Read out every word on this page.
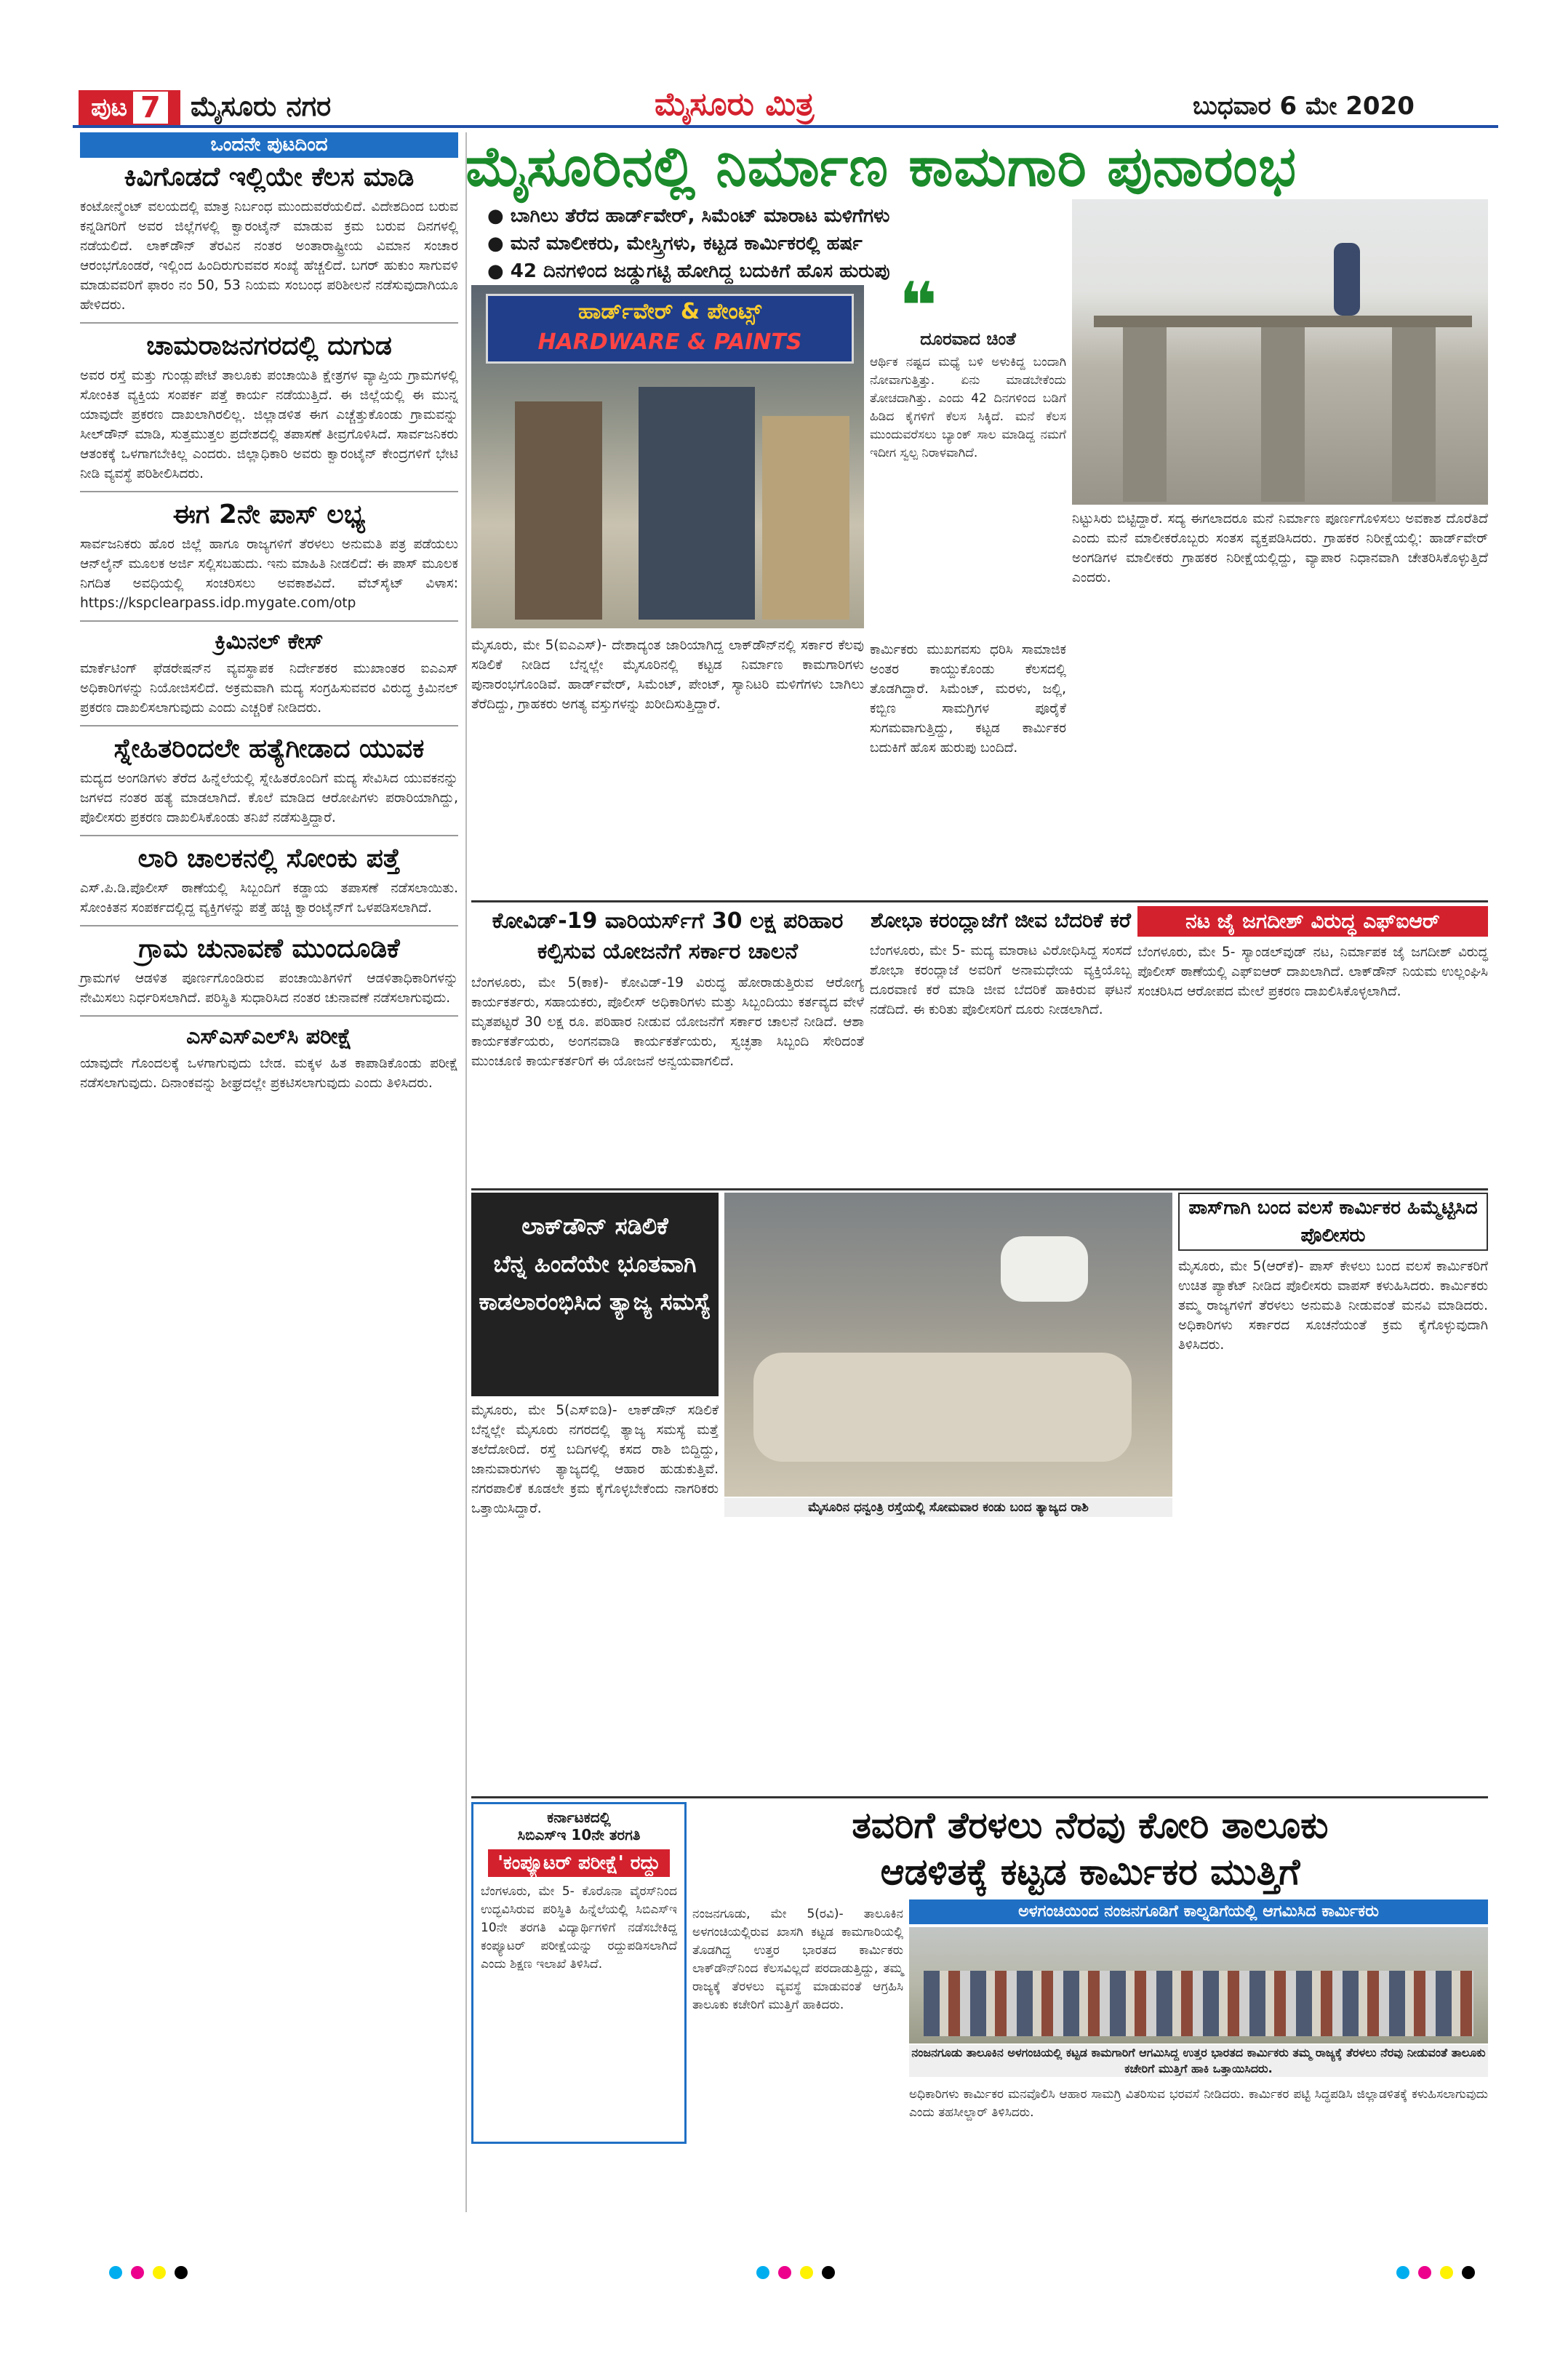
ಪುಟ 7 ಮೈಸೂರು ನಗರ	ಮೈಸೂರು ಮಿತ್ರ	ಬುಧವಾರ 6 ಮೇ 2020
ಒಂದನೇ ಪುಟದಿಂದ
ಕಿವಿಗೊಡದೆ ಇಲ್ಲಿಯೇ ಕೆಲಸ ಮಾಡಿ
ಕಂಟೋನ್ಮೆಂಟ್ ವಲಯದಲ್ಲಿ ಮಾತ್ರ ನಿರ್ಬಂಧ ಮುಂದುವರೆಯಲಿದೆ. ವಿದೇಶದಿಂದ ಬರುವ ಕನ್ನಡಿಗರಿಗೆ ಅವರ ಜಿಲ್ಲೆಗಳಲ್ಲಿ ಕ್ವಾರಂಟೈನ್ ಮಾಡುವ ಕ್ರಮ ಬರುವ ದಿನಗಳಲ್ಲಿ ನಡೆಯಲಿದೆ. ಲಾಕ್‌ಡೌನ್ ತೆರವಿನ ನಂತರ ಅಂತಾರಾಷ್ಟ್ರೀಯ ವಿಮಾನ ಸಂಚಾರ ಆರಂಭಗೊಂಡರೆ, ಇಲ್ಲಿಂದ ಹಿಂದಿರುಗುವವರ ಸಂಖ್ಯೆ ಹೆಚ್ಚಲಿದೆ. ಬಗರ್ ಹುಕುಂ ಸಾಗುವಳಿ ಮಾಡುವವರಿಗೆ ಫಾರಂ ನಂ 50, 53 ನಿಯಮ ಸಂಬಂಧ ಪರಿಶೀಲನೆ ನಡೆಸುವುದಾಗಿಯೂ ಹೇಳಿದರು.
ಚಾಮರಾಜನಗರದಲ್ಲಿ ದುಗುಡ
ಅವರ ರಸ್ತೆ ಮತ್ತು ಗುಂಡ್ಲುಪೇಟೆ ತಾಲೂಕು ಪಂಚಾಯಿತಿ ಕ್ಷೇತ್ರಗಳ ವ್ಯಾಪ್ತಿಯ ಗ್ರಾಮಗಳಲ್ಲಿ ಸೋಂಕಿತ ವ್ಯಕ್ತಿಯ ಸಂಪರ್ಕ ಪತ್ತೆ ಕಾರ್ಯ ನಡೆಯುತ್ತಿದೆ. ಈ ಜಿಲ್ಲೆಯಲ್ಲಿ ಈ ಮುನ್ನ ಯಾವುದೇ ಪ್ರಕರಣ ದಾಖಲಾಗಿರಲಿಲ್ಲ. ಜಿಲ್ಲಾಡಳಿತ ಈಗ ಎಚ್ಚೆತ್ತುಕೊಂಡು ಗ್ರಾಮವನ್ನು ಸೀಲ್‌ಡೌನ್ ಮಾಡಿ, ಸುತ್ತಮುತ್ತಲ ಪ್ರದೇಶದಲ್ಲಿ ತಪಾಸಣೆ ತೀವ್ರಗೊಳಿಸಿದೆ. ಸಾರ್ವಜನಿಕರು ಆತಂಕಕ್ಕೆ ಒಳಗಾಗಬೇಕಿಲ್ಲ ಎಂದರು. ಜಿಲ್ಲಾಧಿಕಾರಿ ಅವರು ಕ್ವಾರಂಟೈನ್ ಕೇಂದ್ರಗಳಿಗೆ ಭೇಟಿ ನೀಡಿ ವ್ಯವಸ್ಥೆ ಪರಿಶೀಲಿಸಿದರು.
ಈಗ 2ನೇ ಪಾಸ್ ಲಭ್ಯ
ಸಾರ್ವಜನಿಕರು ಹೊರ ಜಿಲ್ಲೆ ಹಾಗೂ ರಾಜ್ಯಗಳಿಗೆ ತೆರಳಲು ಅನುಮತಿ ಪತ್ರ ಪಡೆಯಲು ಆನ್‌ಲೈನ್ ಮೂಲಕ ಅರ್ಜಿ ಸಲ್ಲಿಸಬಹುದು. ಇನು ಮಾಹಿತಿ ನೀಡಲಿದೆ: ಈ ಪಾಸ್ ಮೂಲಕ ನಿಗದಿತ ಅವಧಿಯಲ್ಲಿ ಸಂಚರಿಸಲು ಅವಕಾಶವಿದೆ. ವೆಬ್‌ಸೈಟ್ ವಿಳಾಸ: https://kspclearpass.idp.mygate.com/otp
ಕ್ರಿಮಿನಲ್ ಕೇಸ್
ಮಾರ್ಕೆಟಿಂಗ್ ಫೆಡರೇಷನ್‌ನ ವ್ಯವಸ್ಥಾಪಕ ನಿರ್ದೇಶಕರ ಮುಖಾಂತರ ಐಎಎಸ್ ಅಧಿಕಾರಿಗಳನ್ನು ನಿಯೋಜಿಸಲಿದೆ. ಅಕ್ರಮವಾಗಿ ಮದ್ಯ ಸಂಗ್ರಹಿಸುವವರ ವಿರುದ್ಧ ಕ್ರಿಮಿನಲ್ ಪ್ರಕರಣ ದಾಖಲಿಸಲಾಗುವುದು ಎಂದು ಎಚ್ಚರಿಕೆ ನೀಡಿದರು.
ಸ್ನೇಹಿತರಿಂದಲೇ ಹತ್ಯೆಗೀಡಾದ ಯುವಕ
ಮದ್ಯದ ಅಂಗಡಿಗಳು ತೆರೆದ ಹಿನ್ನೆಲೆಯಲ್ಲಿ ಸ್ನೇಹಿತರೊಂದಿಗೆ ಮದ್ಯ ಸೇವಿಸಿದ ಯುವಕನನ್ನು ಜಗಳದ ನಂತರ ಹತ್ಯೆ ಮಾಡಲಾಗಿದೆ. ಕೊಲೆ ಮಾಡಿದ ಆರೋಪಿಗಳು ಪರಾರಿಯಾಗಿದ್ದು, ಪೊಲೀಸರು ಪ್ರಕರಣ ದಾಖಲಿಸಿಕೊಂಡು ತನಿಖೆ ನಡೆಸುತ್ತಿದ್ದಾರೆ.
ಲಾರಿ ಚಾಲಕನಲ್ಲಿ ಸೋಂಕು ಪತ್ತೆ
ಎಸ್.ಪಿ.ಡಿ.ಪೊಲೀಸ್ ಠಾಣೆಯಲ್ಲಿ ಸಿಬ್ಬಂದಿಗೆ ಕಡ್ಡಾಯ ತಪಾಸಣೆ ನಡೆಸಲಾಯಿತು. ಸೋಂಕಿತನ ಸಂಪರ್ಕದಲ್ಲಿದ್ದ ವ್ಯಕ್ತಿಗಳನ್ನು ಪತ್ತೆ ಹಚ್ಚಿ ಕ್ವಾರಂಟೈನ್‌ಗೆ ಒಳಪಡಿಸಲಾಗಿದೆ.
ಗ್ರಾಮ ಚುನಾವಣೆ ಮುಂದೂಡಿಕೆ
ಗ್ರಾಮಗಳ ಆಡಳಿತ ಪೂರ್ಣಗೊಂಡಿರುವ ಪಂಚಾಯಿತಿಗಳಿಗೆ ಆಡಳಿತಾಧಿಕಾರಿಗಳನ್ನು ನೇಮಿಸಲು ನಿರ್ಧರಿಸಲಾಗಿದೆ. ಪರಿಸ್ಥಿತಿ ಸುಧಾರಿಸಿದ ನಂತರ ಚುನಾವಣೆ ನಡೆಸಲಾಗುವುದು.
ಎಸ್‌ಎಸ್‌ಎಲ್‌ಸಿ ಪರೀಕ್ಷೆ
ಯಾವುದೇ ಗೊಂದಲಕ್ಕೆ ಒಳಗಾಗುವುದು ಬೇಡ. ಮಕ್ಕಳ ಹಿತ ಕಾಪಾಡಿಕೊಂಡು ಪರೀಕ್ಷೆ ನಡೆಸಲಾಗುವುದು. ದಿನಾಂಕವನ್ನು ಶೀಘ್ರದಲ್ಲೇ ಪ್ರಕಟಿಸಲಾಗುವುದು ಎಂದು ತಿಳಿಸಿದರು.
ಮೈಸೂರಿನಲ್ಲಿ ನಿರ್ಮಾಣ ಕಾಮಗಾರಿ ಪುನಾರಂಭ
● ಬಾಗಿಲು ತೆರೆದ ಹಾರ್ಡ್‌ವೇರ್, ಸಿಮೆಂಟ್ ಮಾರಾಟ ಮಳಿಗೆಗಳು
● ಮನೆ ಮಾಲೀಕರು, ಮೇಸ್ತ್ರಿಗಳು, ಕಟ್ಟಡ ಕಾರ್ಮಿಕರಲ್ಲಿ ಹರ್ಷ
● 42 ದಿನಗಳಿಂದ ಜಡ್ಡುಗಟ್ಟಿ ಹೋಗಿದ್ದ ಬದುಕಿಗೆ ಹೊಸ ಹುರುಪು
ಹಾರ್ಡ್‌ವೇರ್ & ಪೇಂಟ್ಸ್
HARDWARE & PAINTS	❝
ದೂರವಾದ ಚಿಂತೆ
ಆರ್ಥಿಕ ನಷ್ಟದ ಮಧ್ಯೆ ಬಳಿ ಅಳುಕಿದ್ದ ಬಂದಾಗಿ ನೋವಾಗುತ್ತಿತ್ತು. ಏನು ಮಾಡಬೇಕೆಂದು ತೋಚದಾಗಿತ್ತು. ಎಂದು 42 ದಿನಗಳಿಂದ ಬಡಿಗೆ ಹಿಡಿದ ಕೈಗಳಿಗೆ ಕೆಲಸ ಸಿಕ್ಕಿದೆ. ಮನೆ ಕೆಲಸ ಮುಂದುವರೆಸಲು ಬ್ಯಾಂಕ್ ಸಾಲ ಮಾಡಿದ್ದ ನಮಗೆ ಇದೀಗ ಸ್ವಲ್ಪ ನಿರಾಳವಾಗಿದೆ.
ಮೈಸೂರು, ಮೇ 5(ಐಎಎಸ್)- ದೇಶಾದ್ಯಂತ ಜಾರಿಯಾಗಿದ್ದ ಲಾಕ್‌ಡೌನ್‌ನಲ್ಲಿ ಸರ್ಕಾರ ಕೆಲವು ಸಡಿಲಿಕೆ ನೀಡಿದ ಬೆನ್ನಲ್ಲೇ ಮೈಸೂರಿನಲ್ಲಿ ಕಟ್ಟಡ ನಿರ್ಮಾಣ ಕಾಮಗಾರಿಗಳು ಪುನಾರಂಭಗೊಂಡಿವೆ. ಹಾರ್ಡ್‌ವೇರ್, ಸಿಮೆಂಟ್, ಪೇಂಟ್, ಸ್ಯಾನಿಟರಿ ಮಳಿಗೆಗಳು ಬಾಗಿಲು ತೆರೆದಿದ್ದು, ಗ್ರಾಹಕರು ಅಗತ್ಯ ವಸ್ತುಗಳನ್ನು ಖರೀದಿಸುತ್ತಿದ್ದಾರೆ.
ಕಾರ್ಮಿಕರು ಮುಖಗವಸು ಧರಿಸಿ ಸಾಮಾಜಿಕ ಅಂತರ ಕಾಯ್ದುಕೊಂಡು ಕೆಲಸದಲ್ಲಿ ತೊಡಗಿದ್ದಾರೆ. ಸಿಮೆಂಟ್, ಮರಳು, ಜಲ್ಲಿ, ಕಬ್ಬಿಣ ಸಾಮಗ್ರಿಗಳ ಪೂರೈಕೆ ಸುಗಮವಾಗುತ್ತಿದ್ದು, ಕಟ್ಟಡ ಕಾರ್ಮಿಕರ ಬದುಕಿಗೆ ಹೊಸ ಹುರುಪು ಬಂದಿದೆ.
ನಿಟ್ಟುಸಿರು ಬಿಟ್ಟಿದ್ದಾರೆ. ಸದ್ಯ ಈಗಲಾದರೂ ಮನೆ ನಿರ್ಮಾಣ ಪೂರ್ಣಗೊಳಿಸಲು ಅವಕಾಶ ದೊರೆತಿದೆ ಎಂದು ಮನೆ ಮಾಲೀಕರೊಬ್ಬರು ಸಂತಸ ವ್ಯಕ್ತಪಡಿಸಿದರು. ಗ್ರಾಹಕರ ನಿರೀಕ್ಷೆಯಲ್ಲಿ: ಹಾರ್ಡ್‌ವೇರ್ ಅಂಗಡಿಗಳ ಮಾಲೀಕರು ಗ್ರಾಹಕರ ನಿರೀಕ್ಷೆಯಲ್ಲಿದ್ದು, ವ್ಯಾಪಾರ ನಿಧಾನವಾಗಿ ಚೇತರಿಸಿಕೊಳ್ಳುತ್ತಿದೆ ಎಂದರು.
ಕೋವಿಡ್-19 ವಾರಿಯರ್ಸ್‌ಗೆ 30 ಲಕ್ಷ ಪರಿಹಾರ ಕಲ್ಪಿಸುವ ಯೋಜನೆಗೆ ಸರ್ಕಾರ ಚಾಲನೆ
ಬೆಂಗಳೂರು, ಮೇ 5(ಕಾಕ)- ಕೋವಿಡ್-19 ವಿರುದ್ಧ ಹೋರಾಡುತ್ತಿರುವ ಆರೋಗ್ಯ ಕಾರ್ಯಕರ್ತರು, ಸಹಾಯಕರು, ಪೊಲೀಸ್ ಅಧಿಕಾರಿಗಳು ಮತ್ತು ಸಿಬ್ಬಂದಿಯು ಕರ್ತವ್ಯದ ವೇಳೆ ಮೃತಪಟ್ಟರೆ 30 ಲಕ್ಷ ರೂ. ಪರಿಹಾರ ನೀಡುವ ಯೋಜನೆಗೆ ಸರ್ಕಾರ ಚಾಲನೆ ನೀಡಿದೆ. ಆಶಾ ಕಾರ್ಯಕರ್ತೆಯರು, ಅಂಗನವಾಡಿ ಕಾರ್ಯಕರ್ತೆಯರು, ಸ್ವಚ್ಛತಾ ಸಿಬ್ಬಂದಿ ಸೇರಿದಂತೆ ಮುಂಚೂಣಿ ಕಾರ್ಯಕರ್ತರಿಗೆ ಈ ಯೋಜನೆ ಅನ್ವಯವಾಗಲಿದೆ.
ಶೋಭಾ ಕರಂದ್ಲಾಜೆಗೆ ಜೀವ ಬೆದರಿಕೆ ಕರೆ
ಬೆಂಗಳೂರು, ಮೇ 5- ಮದ್ಯ ಮಾರಾಟ ವಿರೋಧಿಸಿದ್ದ ಸಂಸದೆ ಶೋಭಾ ಕರಂದ್ಲಾಜೆ ಅವರಿಗೆ ಅನಾಮಧೇಯ ವ್ಯಕ್ತಿಯೊಬ್ಬ ದೂರವಾಣಿ ಕರೆ ಮಾಡಿ ಜೀವ ಬೆದರಿಕೆ ಹಾಕಿರುವ ಘಟನೆ ನಡೆದಿದೆ. ಈ ಕುರಿತು ಪೊಲೀಸರಿಗೆ ದೂರು ನೀಡಲಾಗಿದೆ.
ನಟ ಜೈ ಜಗದೀಶ್ ವಿರುದ್ಧ ಎಫ್‌ಐಆರ್
ಬೆಂಗಳೂರು, ಮೇ 5- ಸ್ಯಾಂಡಲ್‌ವುಡ್ ನಟ, ನಿರ್ಮಾಪಕ ಜೈ ಜಗದೀಶ್ ವಿರುದ್ಧ ಪೊಲೀಸ್ ಠಾಣೆಯಲ್ಲಿ ಎಫ್‌ಐಆರ್ ದಾಖಲಾಗಿದೆ. ಲಾಕ್‌ಡೌನ್ ನಿಯಮ ಉಲ್ಲಂಘಿಸಿ ಸಂಚರಿಸಿದ ಆರೋಪದ ಮೇಲೆ ಪ್ರಕರಣ ದಾಖಲಿಸಿಕೊಳ್ಳಲಾಗಿದೆ.
ಲಾಕ್‌ಡೌನ್ ಸಡಿಲಿಕೆ
ಬೆನ್ನ ಹಿಂದೆಯೇ ಭೂತವಾಗಿ
ಕಾಡಲಾರಂಭಿಸಿದ ತ್ಯಾಜ್ಯ ಸಮಸ್ಯೆ
ಮೈಸೂರಿನ ಧನ್ವಂತ್ರಿ ರಸ್ತೆಯಲ್ಲಿ ಸೋಮವಾರ ಕಂಡು ಬಂದ ತ್ಯಾಜ್ಯದ ರಾಶಿ
ಮೈಸೂರು, ಮೇ 5(ಎಸ್‌ಐಡಿ)- ಲಾಕ್‌ಡೌನ್ ಸಡಿಲಿಕೆ ಬೆನ್ನಲ್ಲೇ ಮೈಸೂರು ನಗರದಲ್ಲಿ ತ್ಯಾಜ್ಯ ಸಮಸ್ಯೆ ಮತ್ತೆ ತಲೆದೋರಿದೆ. ರಸ್ತೆ ಬದಿಗಳಲ್ಲಿ ಕಸದ ರಾಶಿ ಬಿದ್ದಿದ್ದು, ಜಾನುವಾರುಗಳು ತ್ಯಾಜ್ಯದಲ್ಲಿ ಆಹಾರ ಹುಡುಕುತ್ತಿವೆ. ನಗರಪಾಲಿಕೆ ಕೂಡಲೇ ಕ್ರಮ ಕೈಗೊಳ್ಳಬೇಕೆಂದು ನಾಗರಿಕರು ಒತ್ತಾಯಿಸಿದ್ದಾರೆ.
ಪಾಸ್‌ಗಾಗಿ ಬಂದ ವಲಸೆ ಕಾರ್ಮಿಕರ ಹಿಮ್ಮೆಟ್ಟಿಸಿದ ಪೊಲೀಸರು
ಮೈಸೂರು, ಮೇ 5(ಆರ್‌ಕೆ)- ಪಾಸ್ ಕೇಳಲು ಬಂದ ವಲಸೆ ಕಾರ್ಮಿಕರಿಗೆ ಉಚಿತ ಪ್ಯಾಕೆಟ್ ನೀಡಿದ ಪೊಲೀಸರು ವಾಪಸ್ ಕಳುಹಿಸಿದರು. ಕಾರ್ಮಿಕರು ತಮ್ಮ ರಾಜ್ಯಗಳಿಗೆ ತೆರಳಲು ಅನುಮತಿ ನೀಡುವಂತೆ ಮನವಿ ಮಾಡಿದರು. ಅಧಿಕಾರಿಗಳು ಸರ್ಕಾರದ ಸೂಚನೆಯಂತೆ ಕ್ರಮ ಕೈಗೊಳ್ಳುವುದಾಗಿ ತಿಳಿಸಿದರು.
ಕರ್ನಾಟಕದಲ್ಲಿ
ಸಿಬಿಎಸ್‌ಇ 10ನೇ ತರಗತಿ
'ಕಂಪ್ಯೂಟರ್ ಪರೀಕ್ಷೆ' ರದ್ದು
ಬೆಂಗಳೂರು, ಮೇ 5- ಕೊರೊನಾ ವೈರಸ್‌ನಿಂದ ಉದ್ಭವಿಸಿರುವ ಪರಿಸ್ಥಿತಿ ಹಿನ್ನೆಲೆಯಲ್ಲಿ ಸಿಬಿಎಸ್‌ಇ 10ನೇ ತರಗತಿ ವಿದ್ಯಾರ್ಥಿಗಳಿಗೆ ನಡೆಸಬೇಕಿದ್ದ ಕಂಪ್ಯೂಟರ್ ಪರೀಕ್ಷೆಯನ್ನು ರದ್ದುಪಡಿಸಲಾಗಿದೆ ಎಂದು ಶಿಕ್ಷಣ ಇಲಾಖೆ ತಿಳಿಸಿದೆ.
ತವರಿಗೆ ತೆರಳಲು ನೆರವು ಕೋರಿ ತಾಲೂಕು
ಆಡಳಿತಕ್ಕೆ ಕಟ್ಟಡ ಕಾರ್ಮಿಕರ ಮುತ್ತಿಗೆ
ನಂಜನಗೂಡು, ಮೇ 5(ರವಿ)- ತಾಲೂಕಿನ ಅಳಗಂಚಿಯಲ್ಲಿರುವ ಖಾಸಗಿ ಕಟ್ಟಡ ಕಾಮಗಾರಿಯಲ್ಲಿ ತೊಡಗಿದ್ದ ಉತ್ತರ ಭಾರತದ ಕಾರ್ಮಿಕರು ಲಾಕ್‌ಡೌನ್‌ನಿಂದ ಕೆಲಸವಿಲ್ಲದೆ ಪರದಾಡುತ್ತಿದ್ದು, ತಮ್ಮ ರಾಜ್ಯಕ್ಕೆ ತೆರಳಲು ವ್ಯವಸ್ಥೆ ಮಾಡುವಂತೆ ಆಗ್ರಹಿಸಿ ತಾಲೂಕು ಕಚೇರಿಗೆ ಮುತ್ತಿಗೆ ಹಾಕಿದರು.
ಅಳಗಂಚಿಯಿಂದ ನಂಜನಗೂಡಿಗೆ ಕಾಲ್ನಡಿಗೆಯಲ್ಲಿ ಆಗಮಿಸಿದ ಕಾರ್ಮಿಕರು
ನಂಜನಗೂಡು ತಾಲೂಕಿನ ಅಳಗಂಚಿಯಲ್ಲಿ ಕಟ್ಟಡ ಕಾಮಗಾರಿಗೆ ಆಗಮಿಸಿದ್ದ ಉತ್ತರ ಭಾರತದ ಕಾರ್ಮಿಕರು ತಮ್ಮ ರಾಜ್ಯಕ್ಕೆ ತೆರಳಲು ನೆರವು ನೀಡುವಂತೆ ತಾಲೂಕು ಕಚೇರಿಗೆ ಮುತ್ತಿಗೆ ಹಾಕಿ ಒತ್ತಾಯಿಸಿದರು.
ಅಧಿಕಾರಿಗಳು ಕಾರ್ಮಿಕರ ಮನವೊಲಿಸಿ ಆಹಾರ ಸಾಮಗ್ರಿ ವಿತರಿಸುವ ಭರವಸೆ ನೀಡಿದರು. ಕಾರ್ಮಿಕರ ಪಟ್ಟಿ ಸಿದ್ಧಪಡಿಸಿ ಜಿಲ್ಲಾಡಳಿತಕ್ಕೆ ಕಳುಹಿಸಲಾಗುವುದು ಎಂದು ತಹಸೀಲ್ದಾರ್ ತಿಳಿಸಿದರು.
